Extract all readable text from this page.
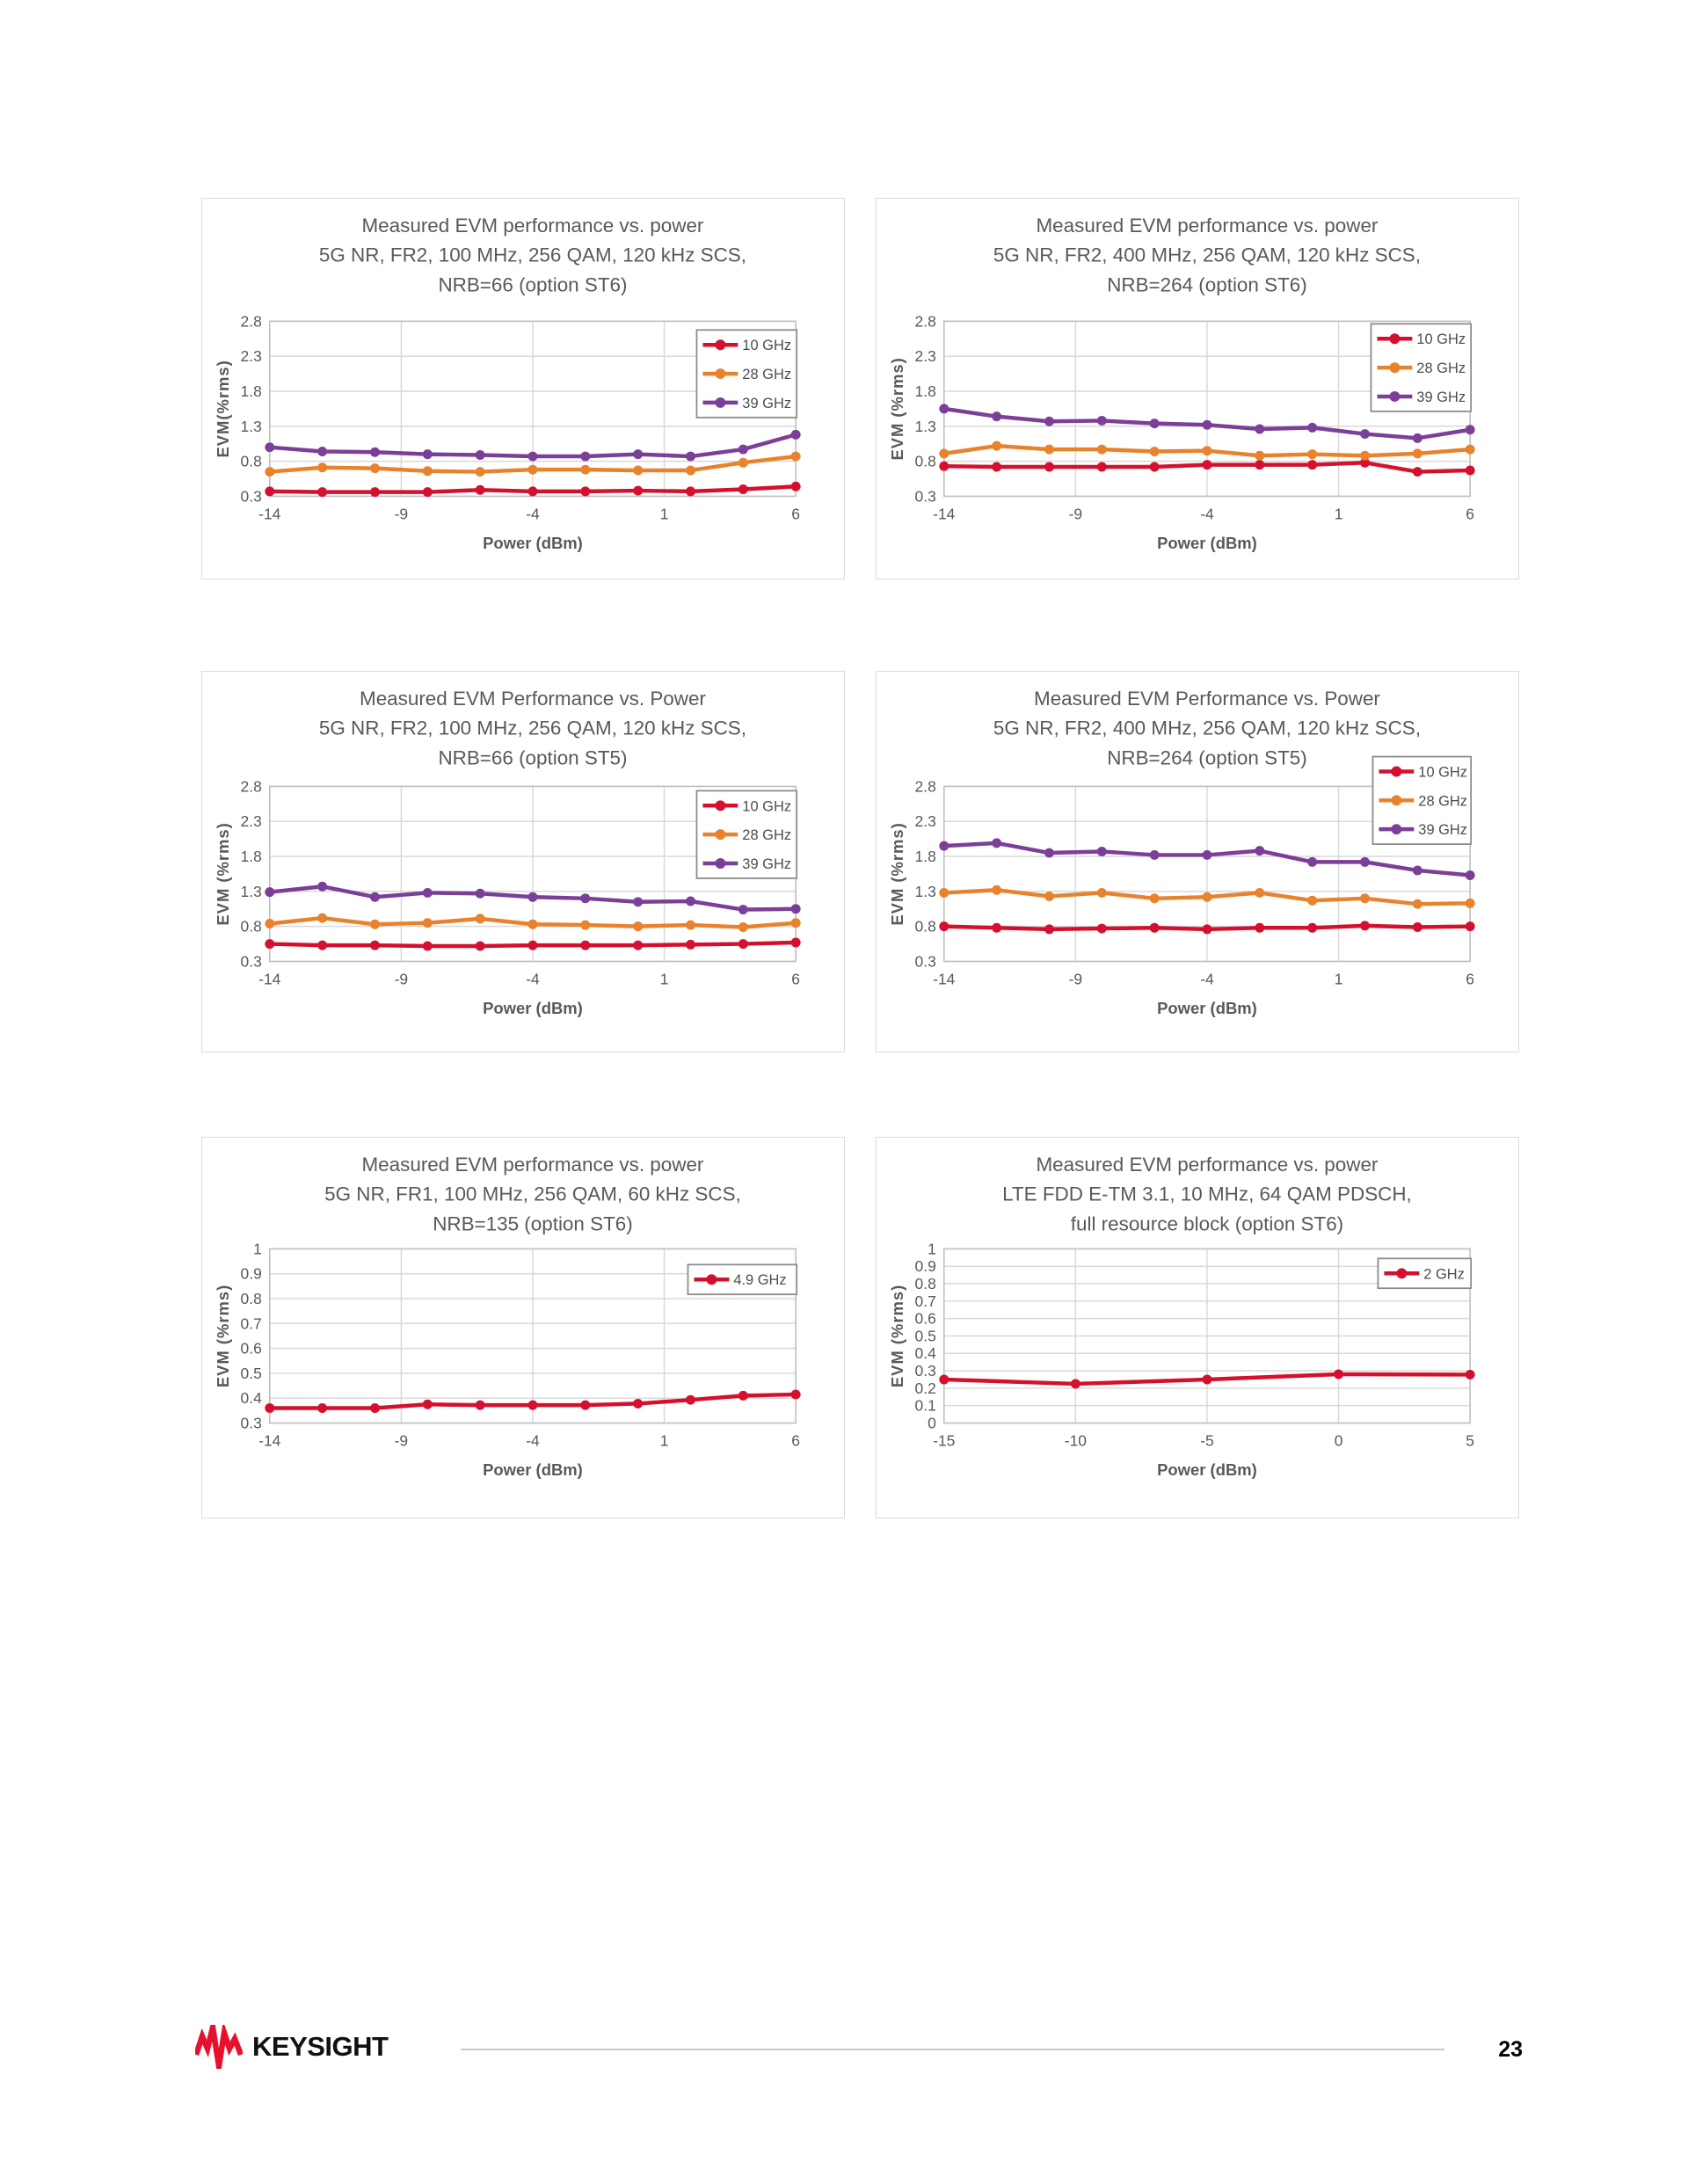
Measured EVM performance vs. power
5G NR, FR2, 100 MHz, 256 QAM, 120 kHz SCS,
NRB=66 (option ST6)
2.8
2.3
1.8
1.3
0.8
0.3
-14	-9	-4	1	6
Power (dBm)
EVM(%rms)
10 GHz
28 GHz
39 GHz
Measured EVM performance vs. power
5G NR, FR2, 400 MHz, 256 QAM, 120 kHz SCS,
NRB=264 (option ST6)
2.8
2.3
1.8
1.3
0.8
0.3
-14	-9	-4	1	6
Power (dBm)
EVM (%rms)
10 GHz
28 GHz
39 GHz
Measured EVM Performance vs. Power
5G NR, FR2, 100 MHz, 256 QAM, 120 kHz SCS,
NRB=66 (option ST5)
2.8
2.3
1.8
1.3
0.8
0.3
-14	-9	-4	1	6
Power (dBm)
EVM (%rms)
10 GHz
28 GHz
39 GHz
Measured EVM Performance vs. Power
5G NR, FR2, 400 MHz, 256 QAM, 120 kHz SCS,
NRB=264 (option ST5)
2.8
2.3
1.8
1.3
0.8
0.3
-14	-9	-4	1	6
Power (dBm)
EVM (%rms)
10 GHz
28 GHz
39 GHz
Measured EVM performance vs. power
5G NR, FR1, 100 MHz, 256 QAM, 60 kHz SCS,
NRB=135 (option ST6)
1
0.9
0.8
0.7
0.6
0.5
0.4
0.3
-14	-9	-4	1	6
Power (dBm)
EVM (%rms)
4.9 GHz
Measured EVM performance vs. power
LTE FDD E-TM 3.1, 10 MHz, 64 QAM PDSCH,
full resource block (option ST6)
1
0.9
0.8
0.7
0.6
0.5
0.4
0.3
0.2
0.1
0
-15	-10	-5	0	5
Power (dBm)
EVM (%rms)
2 GHz
KEYSIGHT	23
